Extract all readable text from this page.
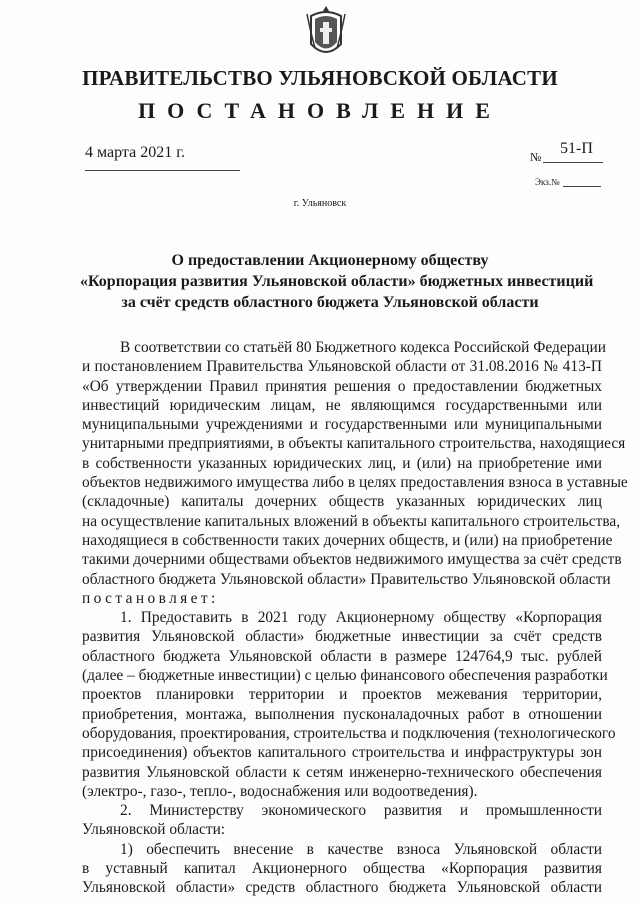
ПРАВИТЕЛЬСТВО УЛЬЯНОВСКОЙ ОБЛАСТИ
ПОСТАНОВЛЕНИЕ
4 марта 2021 г.	№ 51-П
Экз.№
г. Ульяновск
О предоставлении Акционерному обществу
«Корпорация развития Ульяновской области» бюджетных инвестиций
за счёт средств областного бюджета Ульяновской области
В соответствии со статьёй 80 Бюджетного кодекса Российской Федерации
и постановлением Правительства Ульяновской области от 31.08.2016 № 413-П
«Об утверждении Правил принятия решения о предоставлении бюджетных
инвестиций юридическим лицам, не являющимся государственными или
муниципальными учреждениями и государственными или муниципальными
унитарными предприятиями, в объекты капитального строительства, находящиеся
в собственности указанных юридических лиц, и (или) на приобретение ими
объектов недвижимого имущества либо в целях предоставления взноса в уставные
(складочные) капиталы дочерних обществ указанных юридических лиц
на осуществление капитальных вложений в объекты капитального строительства,
находящиеся в собственности таких дочерних обществ, и (или) на приобретение
такими дочерними обществами объектов недвижимого имущества за счёт средств
областного бюджета Ульяновской области» Правительство Ульяновской области
постановляет:
1. Предоставить в 2021 году Акционерному обществу «Корпорация
развития Ульяновской области» бюджетные инвестиции за счёт средств
областного бюджета Ульяновской области в размере 124764,9 тыс. рублей
(далее – бюджетные инвестиции) с целью финансового обеспечения разработки
проектов планировки территории и проектов межевания территории,
приобретения, монтажа, выполнения пусконаладочных работ в отношении
оборудования, проектирования, строительства и подключения (технологического
присоединения) объектов капитального строительства и инфраструктуры зон
развития Ульяновской области к сетям инженерно-технического обеспечения
(электро-, газо-, тепло-, водоснабжения или водоотведения).
2. Министерству экономического развития и промышленности
Ульяновской области:
1) обеспечить внесение в качестве взноса Ульяновской области
в уставный капитал Акционерного общества «Корпорация развития
Ульяновской области» средств областного бюджета Ульяновской области
